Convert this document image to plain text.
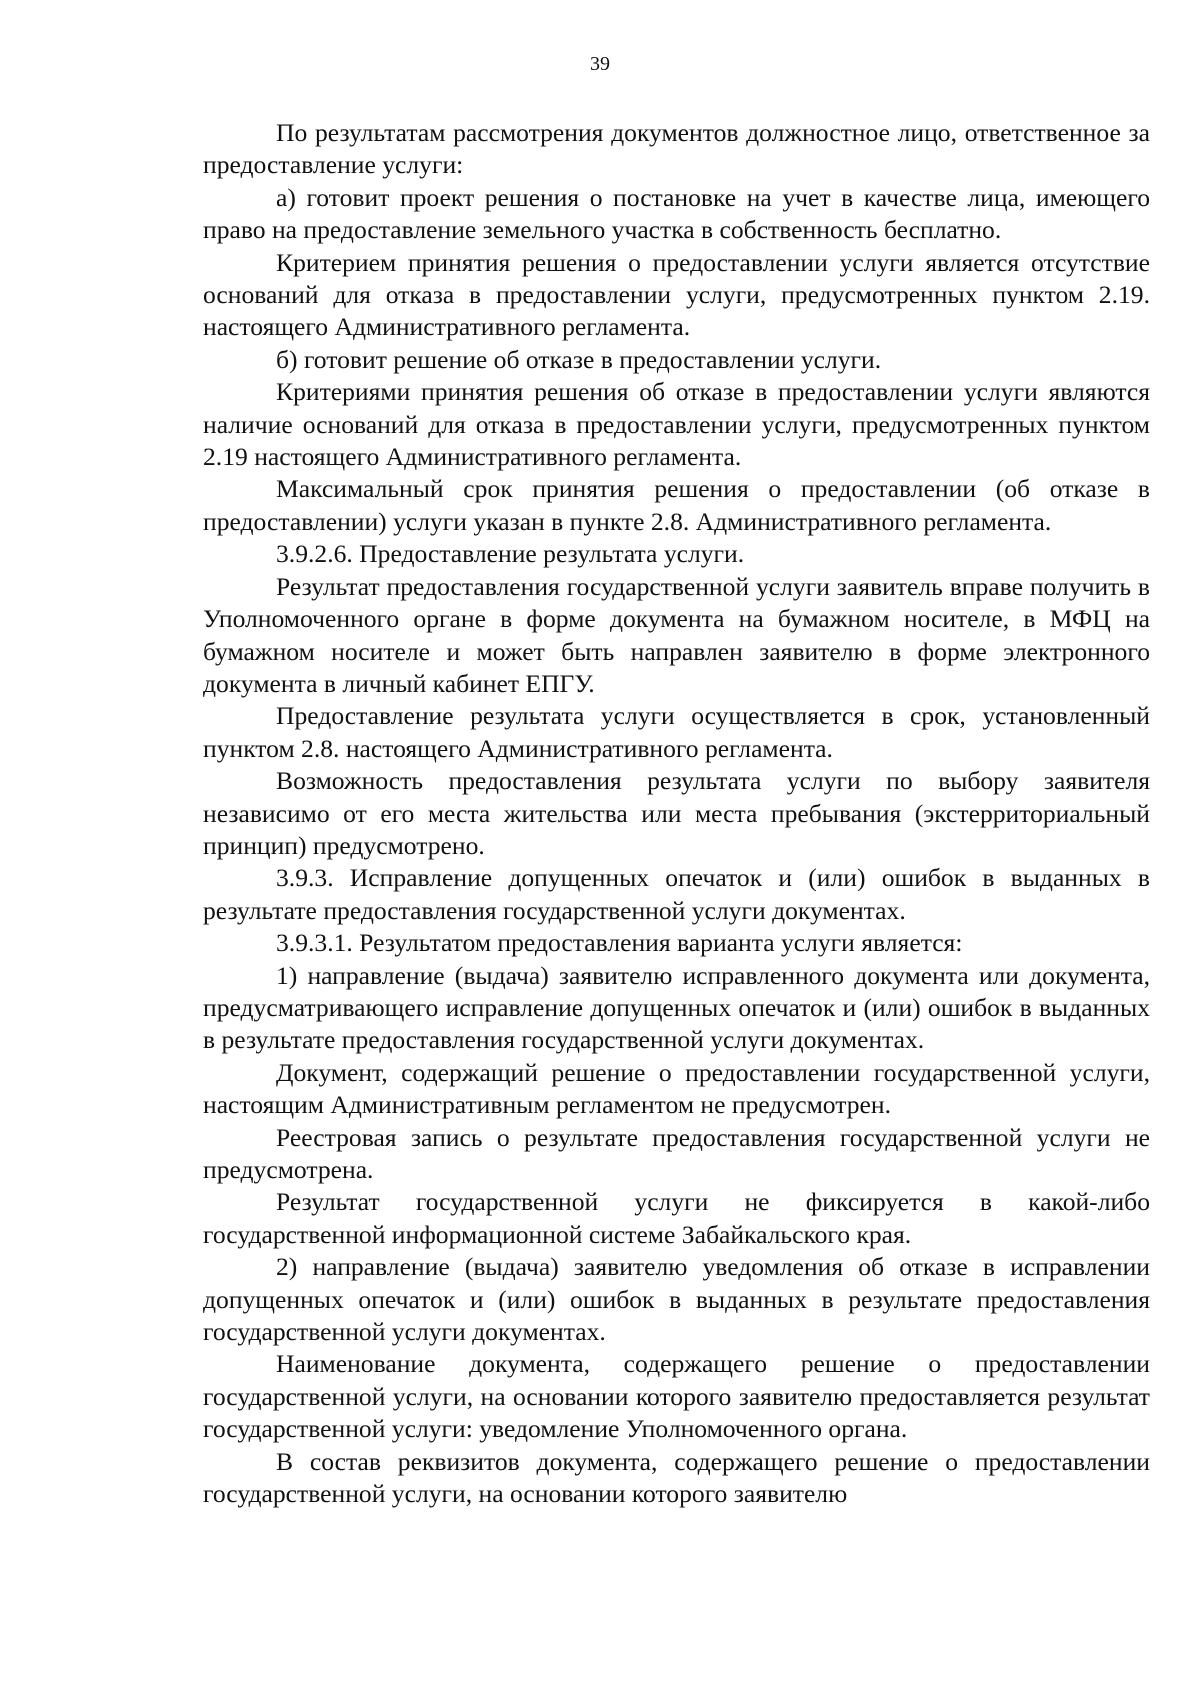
39

По результатам рассмотрения документов должностное лицо, ответственное за предоставление услуги:

а) готовит проект решения о постановке на учет в качестве лица, имеющего право на предоставление земельного участка в собственность бесплатно.

Критерием принятия решения о предоставлении услуги является отсутствие оснований для отказа в предоставлении услуги, предусмотренных пунктом 2.19. настоящего Административного регламента.

б) готовит решение об отказе в предоставлении услуги.

Критериями принятия решения об отказе в предоставлении услуги являются наличие оснований для отказа в предоставлении услуги, предусмотренных пунктом 2.19 настоящего Административного регламента.

Максимальный срок принятия решения о предоставлении (об отказе в предоставлении) услуги указан в пункте 2.8. Административного регламента.

3.9.2.6. Предоставление результата услуги.

Результат предоставления государственной услуги заявитель вправе получить в Уполномоченного органе в форме документа на бумажном носителе, в МФЦ на бумажном носителе и может быть направлен заявителю в форме электронного документа в личный кабинет ЕПГУ.

Предоставление результата услуги осуществляется в срок, установленный пунктом 2.8. настоящего Административного регламента.

Возможность предоставления результата услуги по выбору заявителя независимо от его места жительства или места пребывания (экстерриториальный принцип) предусмотрено.

3.9.3. Исправление допущенных опечаток и (или) ошибок в выданных в результате предоставления государственной услуги документах.

3.9.3.1. Результатом предоставления варианта услуги является:

1) направление (выдача) заявителю исправленного документа или документа, предусматривающего исправление допущенных опечаток и (или) ошибок в выданных в результате предоставления государственной услуги документах.

Документ, содержащий решение о предоставлении государственной услуги, настоящим Административным регламентом не предусмотрен.

Реестровая запись о результате предоставления государственной услуги не предусмотрена.

Результат государственной услуги не фиксируется в какой-либо государственной информационной системе Забайкальского края.

2) направление (выдача) заявителю уведомления об отказе в исправлении допущенных опечаток и (или) ошибок в выданных в результате предоставления государственной услуги документах.

Наименование документа, содержащего решение о предоставлении государственной услуги, на основании которого заявителю предоставляется результат государственной услуги: уведомление Уполномоченного органа.

В состав реквизитов документа, содержащего решение о предоставлении государственной услуги, на основании которого заявителю
